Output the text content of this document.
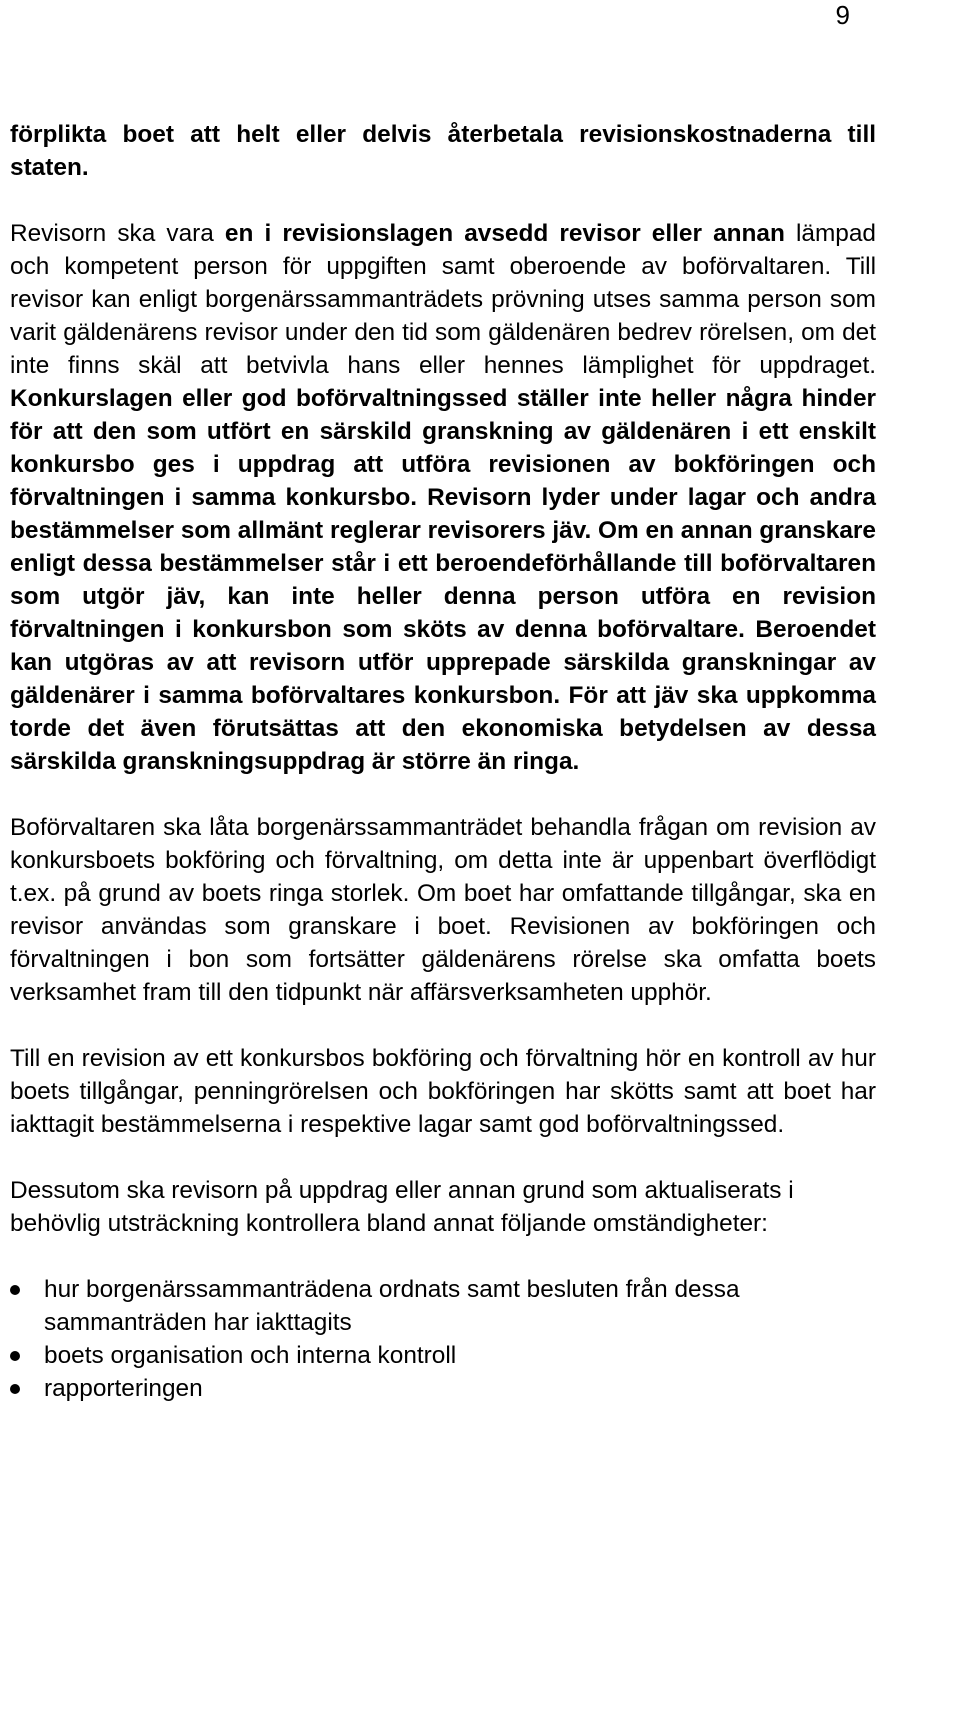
9

förplikta boet att helt eller delvis återbetala revisionskostnaderna till staten.

Revisorn ska vara en i revisionslagen avsedd revisor eller annan lämpad och kompetent person för uppgiften samt oberoende av boförvaltaren. Till revisor kan enligt borgenärssammanträdets prövning utses samma person som varit gäldenärens revisor under den tid som gäldenären bedrev rörelsen, om det inte finns skäl att betvivla hans eller hennes lämplighet för uppdraget. Konkurslagen eller god boförvaltningssed ställer inte heller några hinder för att den som utfört en särskild granskning av gäldenären i ett enskilt konkursbo ges i uppdrag att utföra revisionen av bokföringen och förvaltningen i samma konkursbo. Revisorn lyder under lagar och andra bestämmelser som allmänt reglerar revisorers jäv. Om en annan granskare enligt dessa bestämmelser står i ett beroendeförhållande till boförvaltaren som utgör jäv, kan inte heller denna person utföra en revision förvaltningen i konkursbon som sköts av denna boförvaltare. Beroendet kan utgöras av att revisorn utför upprepade särskilda granskningar av gäldenärer i samma boförvaltares konkursbon. För att jäv ska uppkomma torde det även förutsättas att den ekonomiska betydelsen av dessa särskilda granskningsuppdrag är större än ringa.

Boförvaltaren ska låta borgenärssammanträdet behandla frågan om revision av konkursboets bokföring och förvaltning, om detta inte är uppenbart överflödigt t.ex. på grund av boets ringa storlek. Om boet har omfattande tillgångar, ska en revisor användas som granskare i boet. Revisionen av bokföringen och förvaltningen i bon som fortsätter gäldenärens rörelse ska omfatta boets verksamhet fram till den tidpunkt när affärsverksamheten upphör.

Till en revision av ett konkursbos bokföring och förvaltning hör en kontroll av hur boets tillgångar, penningrörelsen och bokföringen har skötts samt att boet har iakttagit bestämmelserna i respektive lagar samt god boförvaltningssed.

Dessutom ska revisorn på uppdrag eller annan grund som aktualiserats i behövlig utsträckning kontrollera bland annat följande omständigheter:

hur borgenärssammanträdena ordnats samt besluten från dessa sammanträden har iakttagits
boets organisation och interna kontroll
rapporteringen
